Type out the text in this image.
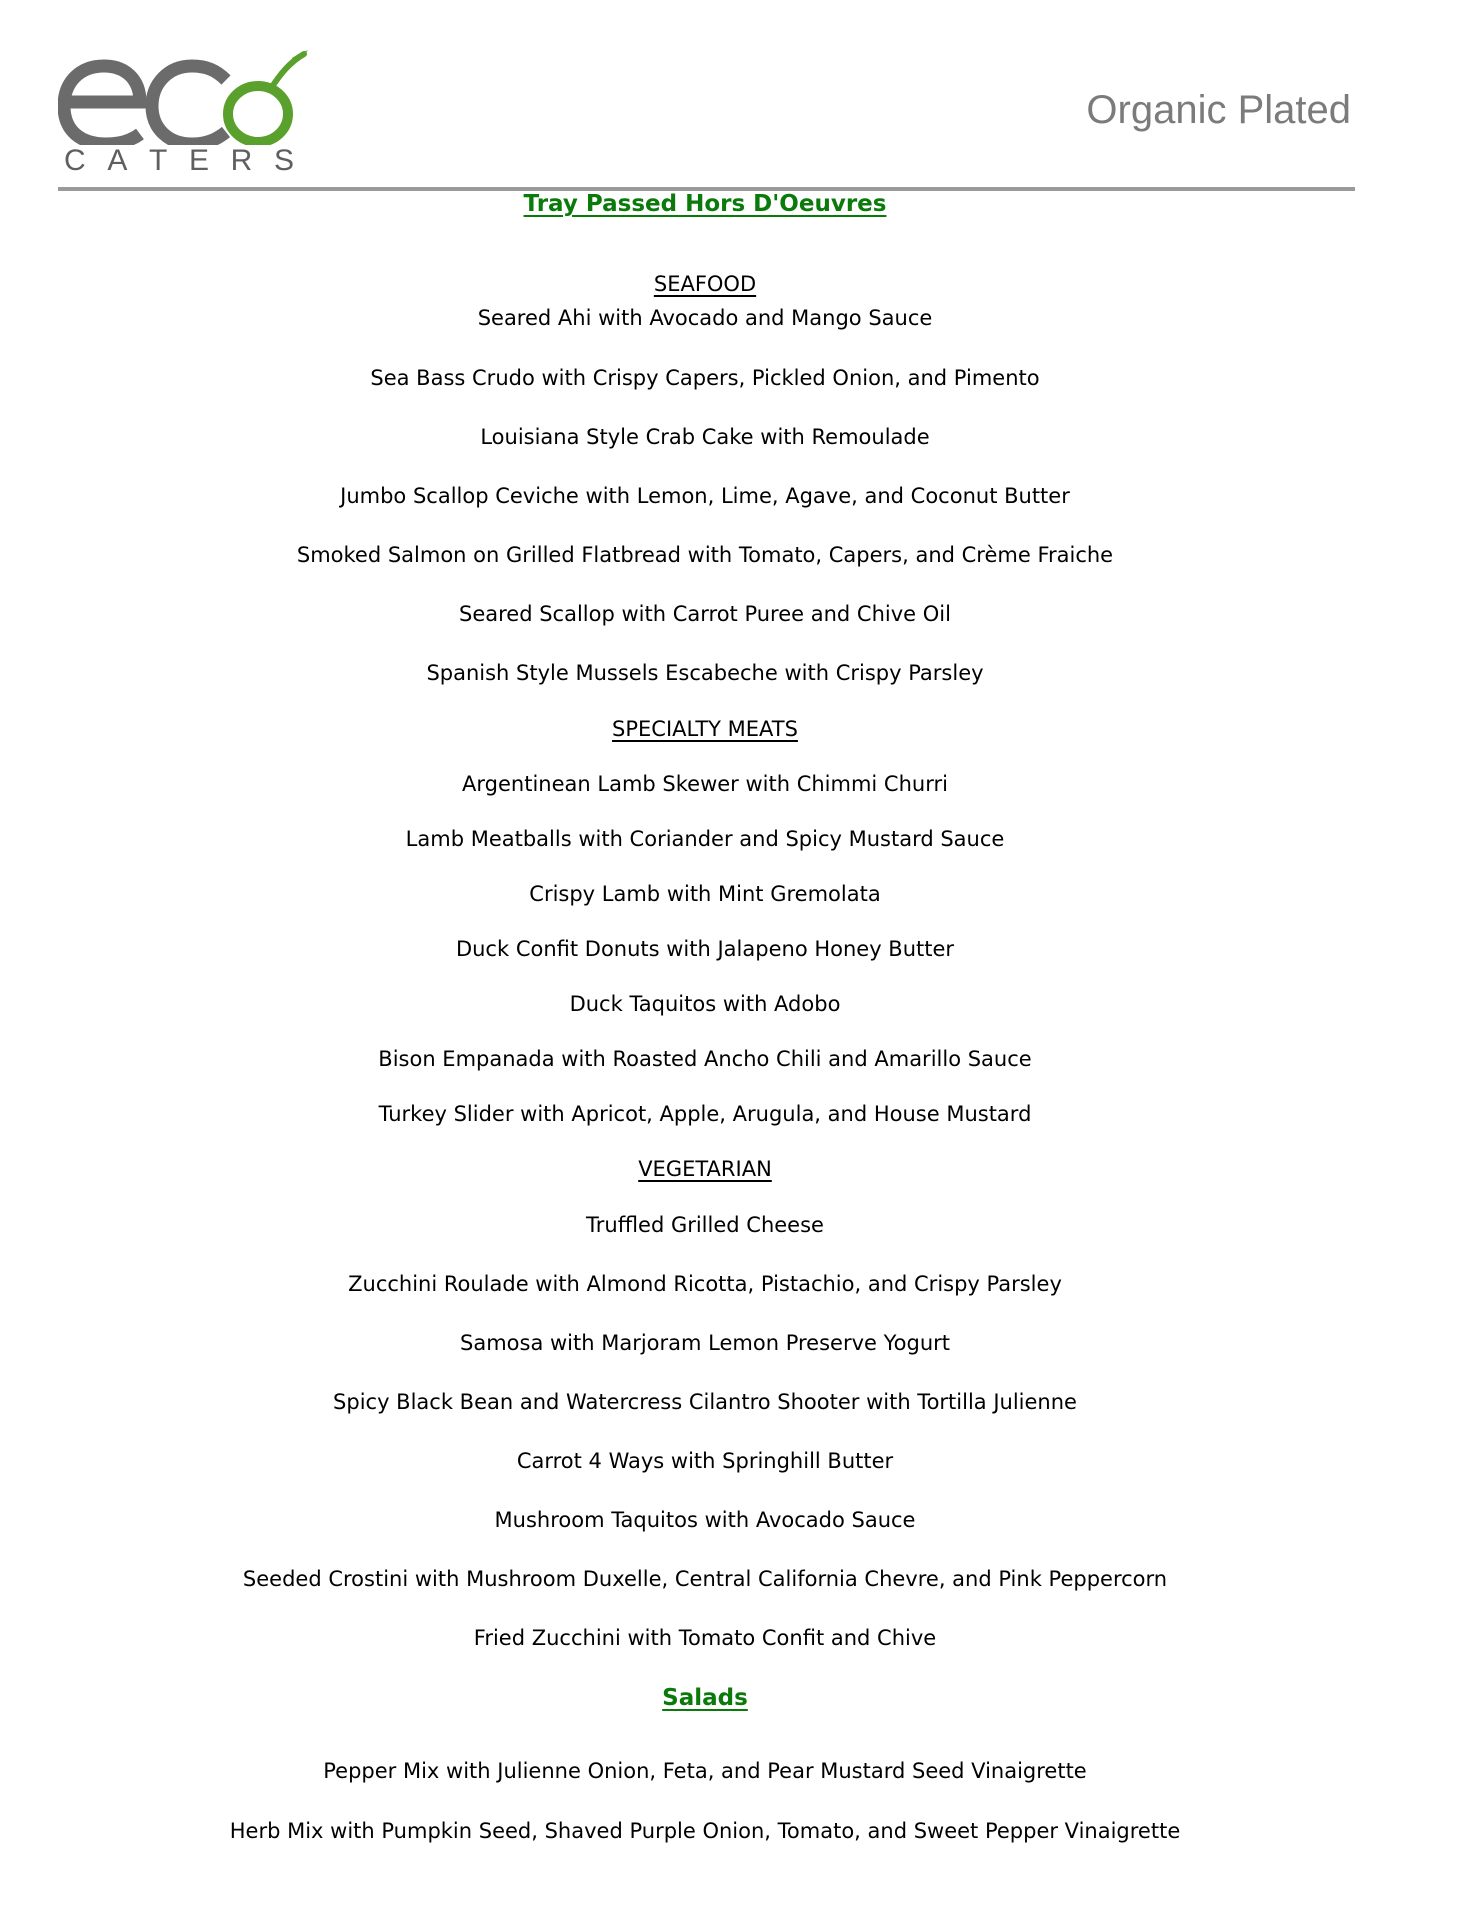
C A T E R S
Organic Plated
Tray Passed Hors D'Oeuvres
SEAFOOD
Seared Ahi with Avocado and Mango Sauce
Sea Bass Crudo with Crispy Capers, Pickled Onion, and Pimento
Louisiana Style Crab Cake with Remoulade
Jumbo Scallop Ceviche with Lemon, Lime, Agave, and Coconut Butter
Smoked Salmon on Grilled Flatbread with Tomato, Capers, and Crème Fraiche
Seared Scallop with Carrot Puree and Chive Oil
Spanish Style Mussels Escabeche with Crispy Parsley
SPECIALTY MEATS
Argentinean Lamb Skewer with Chimmi Churri
Lamb Meatballs with Coriander and Spicy Mustard Sauce
Crispy Lamb with Mint Gremolata
Duck Confit Donuts with Jalapeno Honey Butter
Duck Taquitos with Adobo
Bison Empanada with Roasted Ancho Chili and Amarillo Sauce
Turkey Slider with Apricot, Apple, Arugula, and House Mustard
VEGETARIAN
Truffled Grilled Cheese
Zucchini Roulade with Almond Ricotta, Pistachio, and Crispy Parsley
Samosa with Marjoram Lemon Preserve Yogurt
Spicy Black Bean and Watercress Cilantro Shooter with Tortilla Julienne
Carrot 4 Ways with Springhill Butter
Mushroom Taquitos with Avocado Sauce
Seeded Crostini with Mushroom Duxelle, Central California Chevre, and Pink Peppercorn
Fried Zucchini with Tomato Confit and Chive
Salads
Pepper Mix with Julienne Onion, Feta, and Pear Mustard Seed Vinaigrette
Herb Mix with Pumpkin Seed, Shaved Purple Onion, Tomato, and Sweet Pepper Vinaigrette
